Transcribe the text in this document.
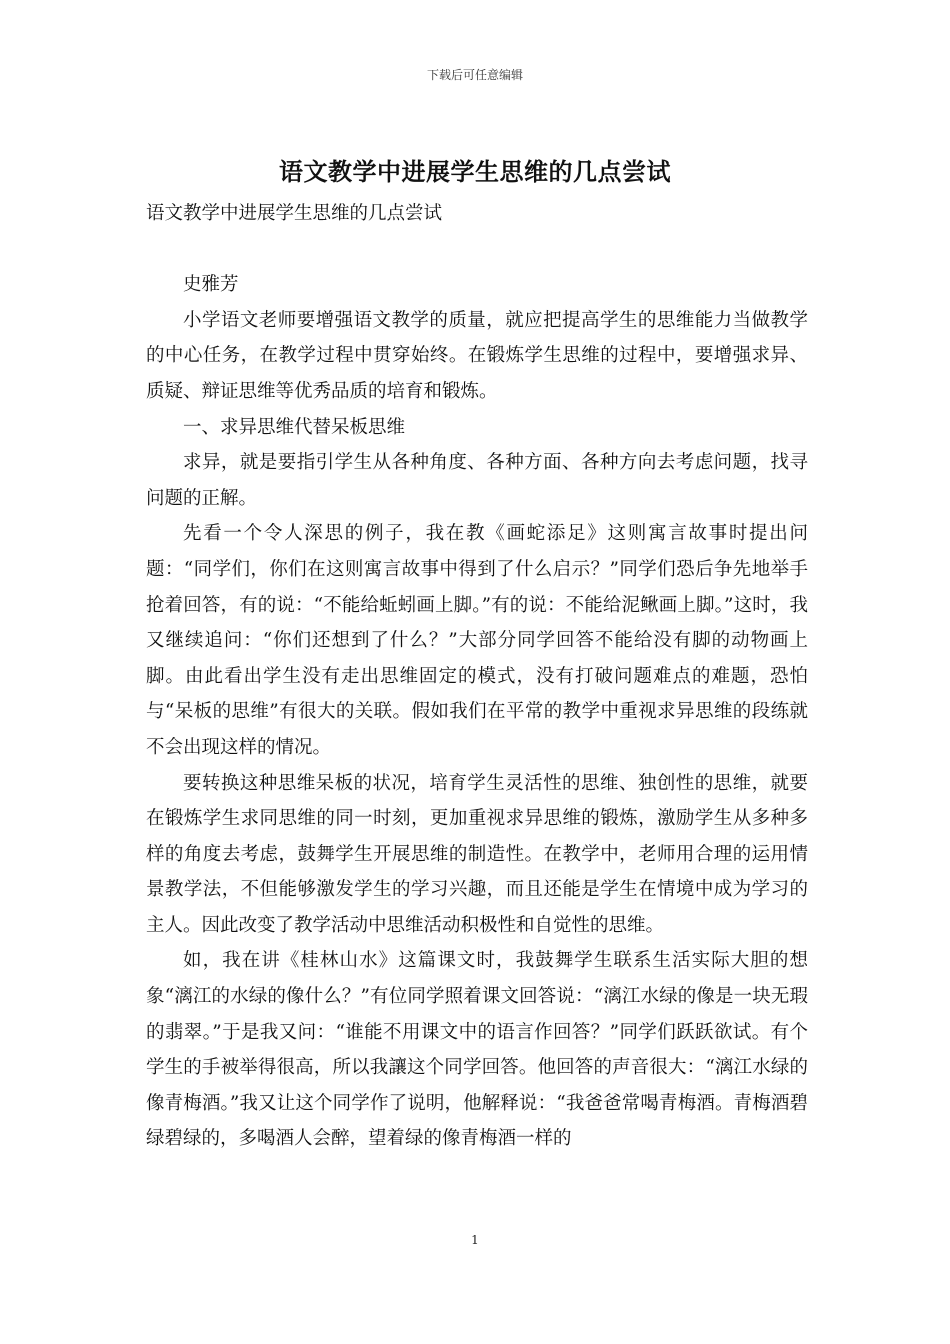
下载后可任意编辑
语文教学中进展学生思维的几点尝试

语文教学中进展学生思维的几点尝试

史雅芳

小学语文老师要增强语文教学的质量，就应把提高学生的思维能力当做教学的中心任务，在教学过程中贯穿始终。在锻炼学生思维的过程中，要增强求异、质疑、辩证思维等优秀品质的培育和锻炼。

一、求异思维代替呆板思维

求异，就是要指引学生从各种角度、各种方面、各种方向去考虑问题，找寻问题的正解。

先看一个令人深思的例子，我在教《画蛇添足》这则寓言故事时提出问题：“同学们，你们在这则寓言故事中得到了什么启示？”同学们恐后争先地举手抢着回答，有的说：“不能给蚯蚓画上脚。”有的说：不能给泥鳅画上脚。”这时，我又继续追问：“你们还想到了什么？”大部分同学回答不能给没有脚的动物画上脚。由此看出学生没有走出思维固定的模式，没有打破问题难点的难题，恐怕与“呆板的思维”有很大的关联。假如我们在平常的教学中重视求异思维的段练就不会出现这样的情况。

要转换这种思维呆板的状况，培育学生灵活性的思维、独创性的思维，就要在锻炼学生求同思维的同一时刻，更加重视求异思维的锻炼，激励学生从多种多样的角度去考虑，鼓舞学生开展思维的制造性。在教学中，老师用合理的运用情景教学法，不但能够激发学生的学习兴趣，而且还能是学生在情境中成为学习的主人。因此改变了教学活动中思维活动积极性和自觉性的思维。

如，我在讲《桂林山水》这篇课文时，我鼓舞学生联系生活实际大胆的想象“漓江的水绿的像什么？”有位同学照着课文回答说：“漓江水绿的像是一块无瑕的翡翠。”于是我又问：“谁能不用课文中的语言作回答？”同学们跃跃欲试。有个学生的手被举得很高，所以我讓这个同学回答。他回答的声音很大：“漓江水绿的像青梅酒。”我又让这个同学作了说明，他解释说：“我爸爸常喝青梅酒。青梅酒碧绿碧绿的，多喝酒人会醉，望着绿的像青梅酒一样的

1
